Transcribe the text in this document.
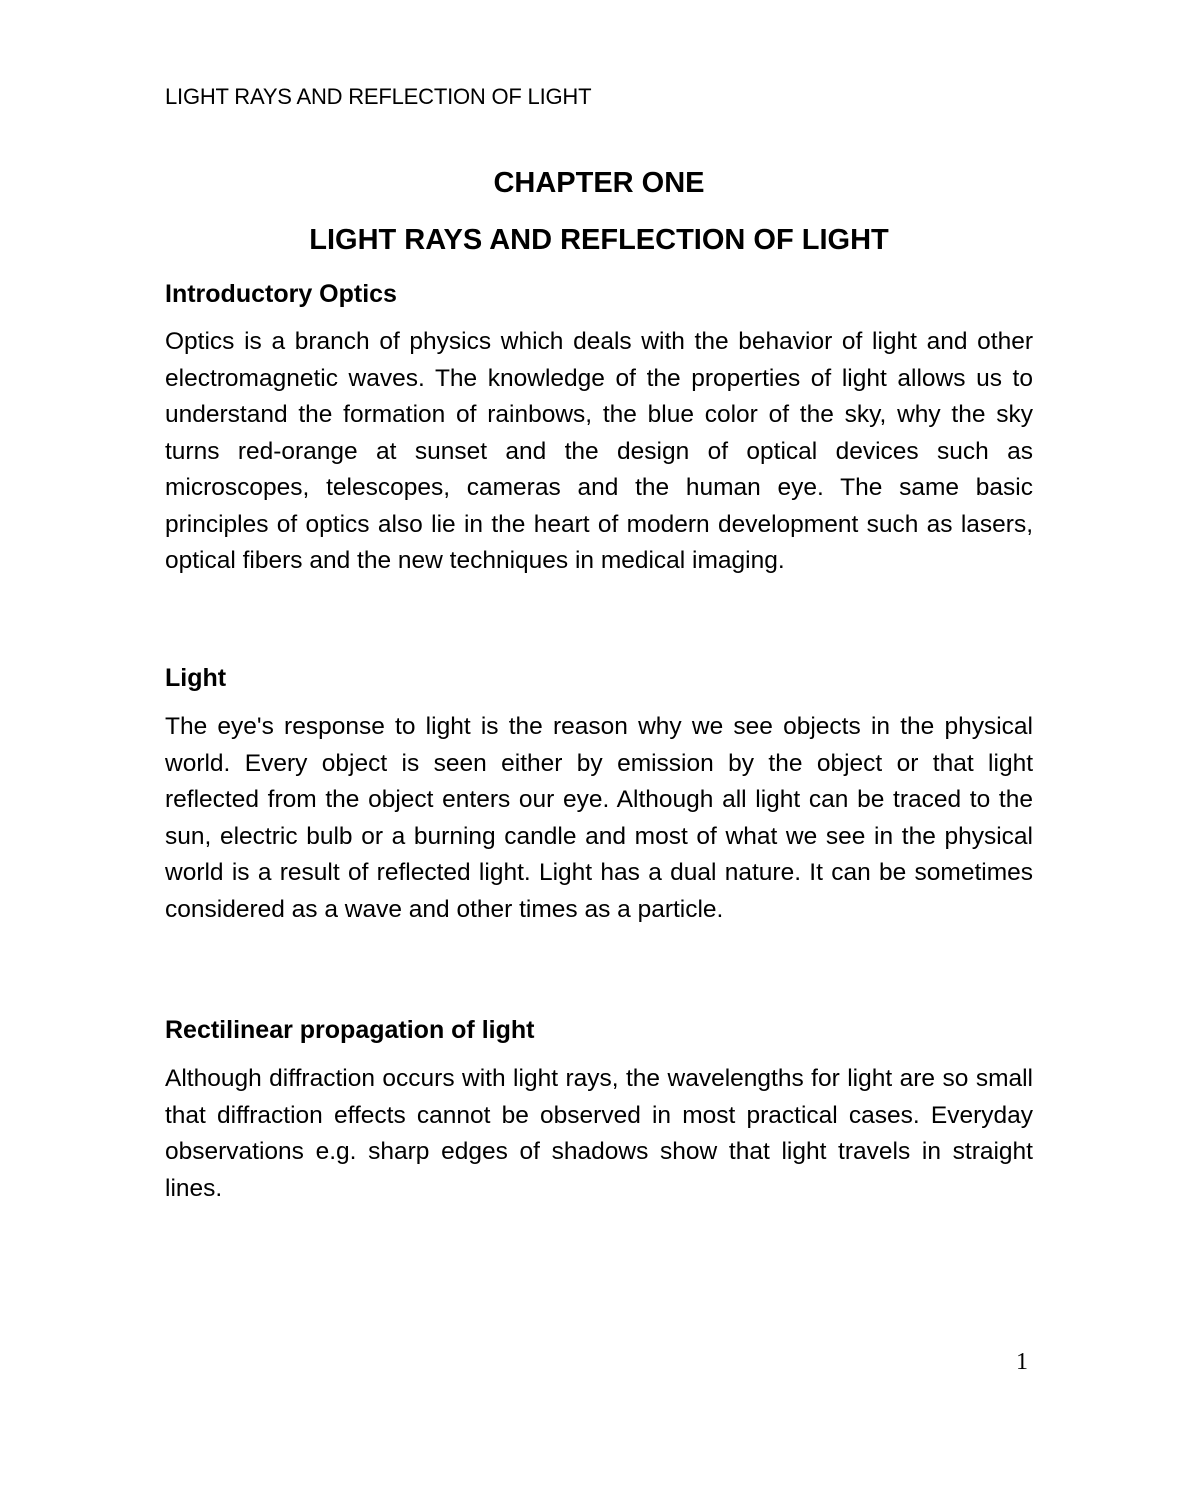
LIGHT RAYS AND REFLECTION OF LIGHT
CHAPTER ONE
LIGHT RAYS AND REFLECTION OF LIGHT
Introductory Optics

Optics is a branch of physics which deals with the behavior of light and other electromagnetic waves. The knowledge of the properties of light allows us to understand the formation of rainbows, the blue color of the sky, why the sky turns red-orange at sunset and the design of optical devices such as microscopes, telescopes, cameras and the human eye. The same basic principles of optics also lie in the heart of modern development such as lasers, optical fibers and the new techniques in medical imaging.

Light

The eye's response to light is the reason why we see objects in the physical world. Every object is seen either by emission by the object or that light reflected from the object enters our eye. Although all light can be traced to the sun, electric bulb or a burning candle and most of what we see in the physical world is a result of reflected light. Light has a dual nature. It can be sometimes considered as a wave and other times as a particle.

Rectilinear propagation of light

Although diffraction occurs with light rays, the wavelengths for light are so small that diffraction effects cannot be observed in most practical cases. Everyday observations e.g. sharp edges of shadows show that light travels in straight lines.

1
